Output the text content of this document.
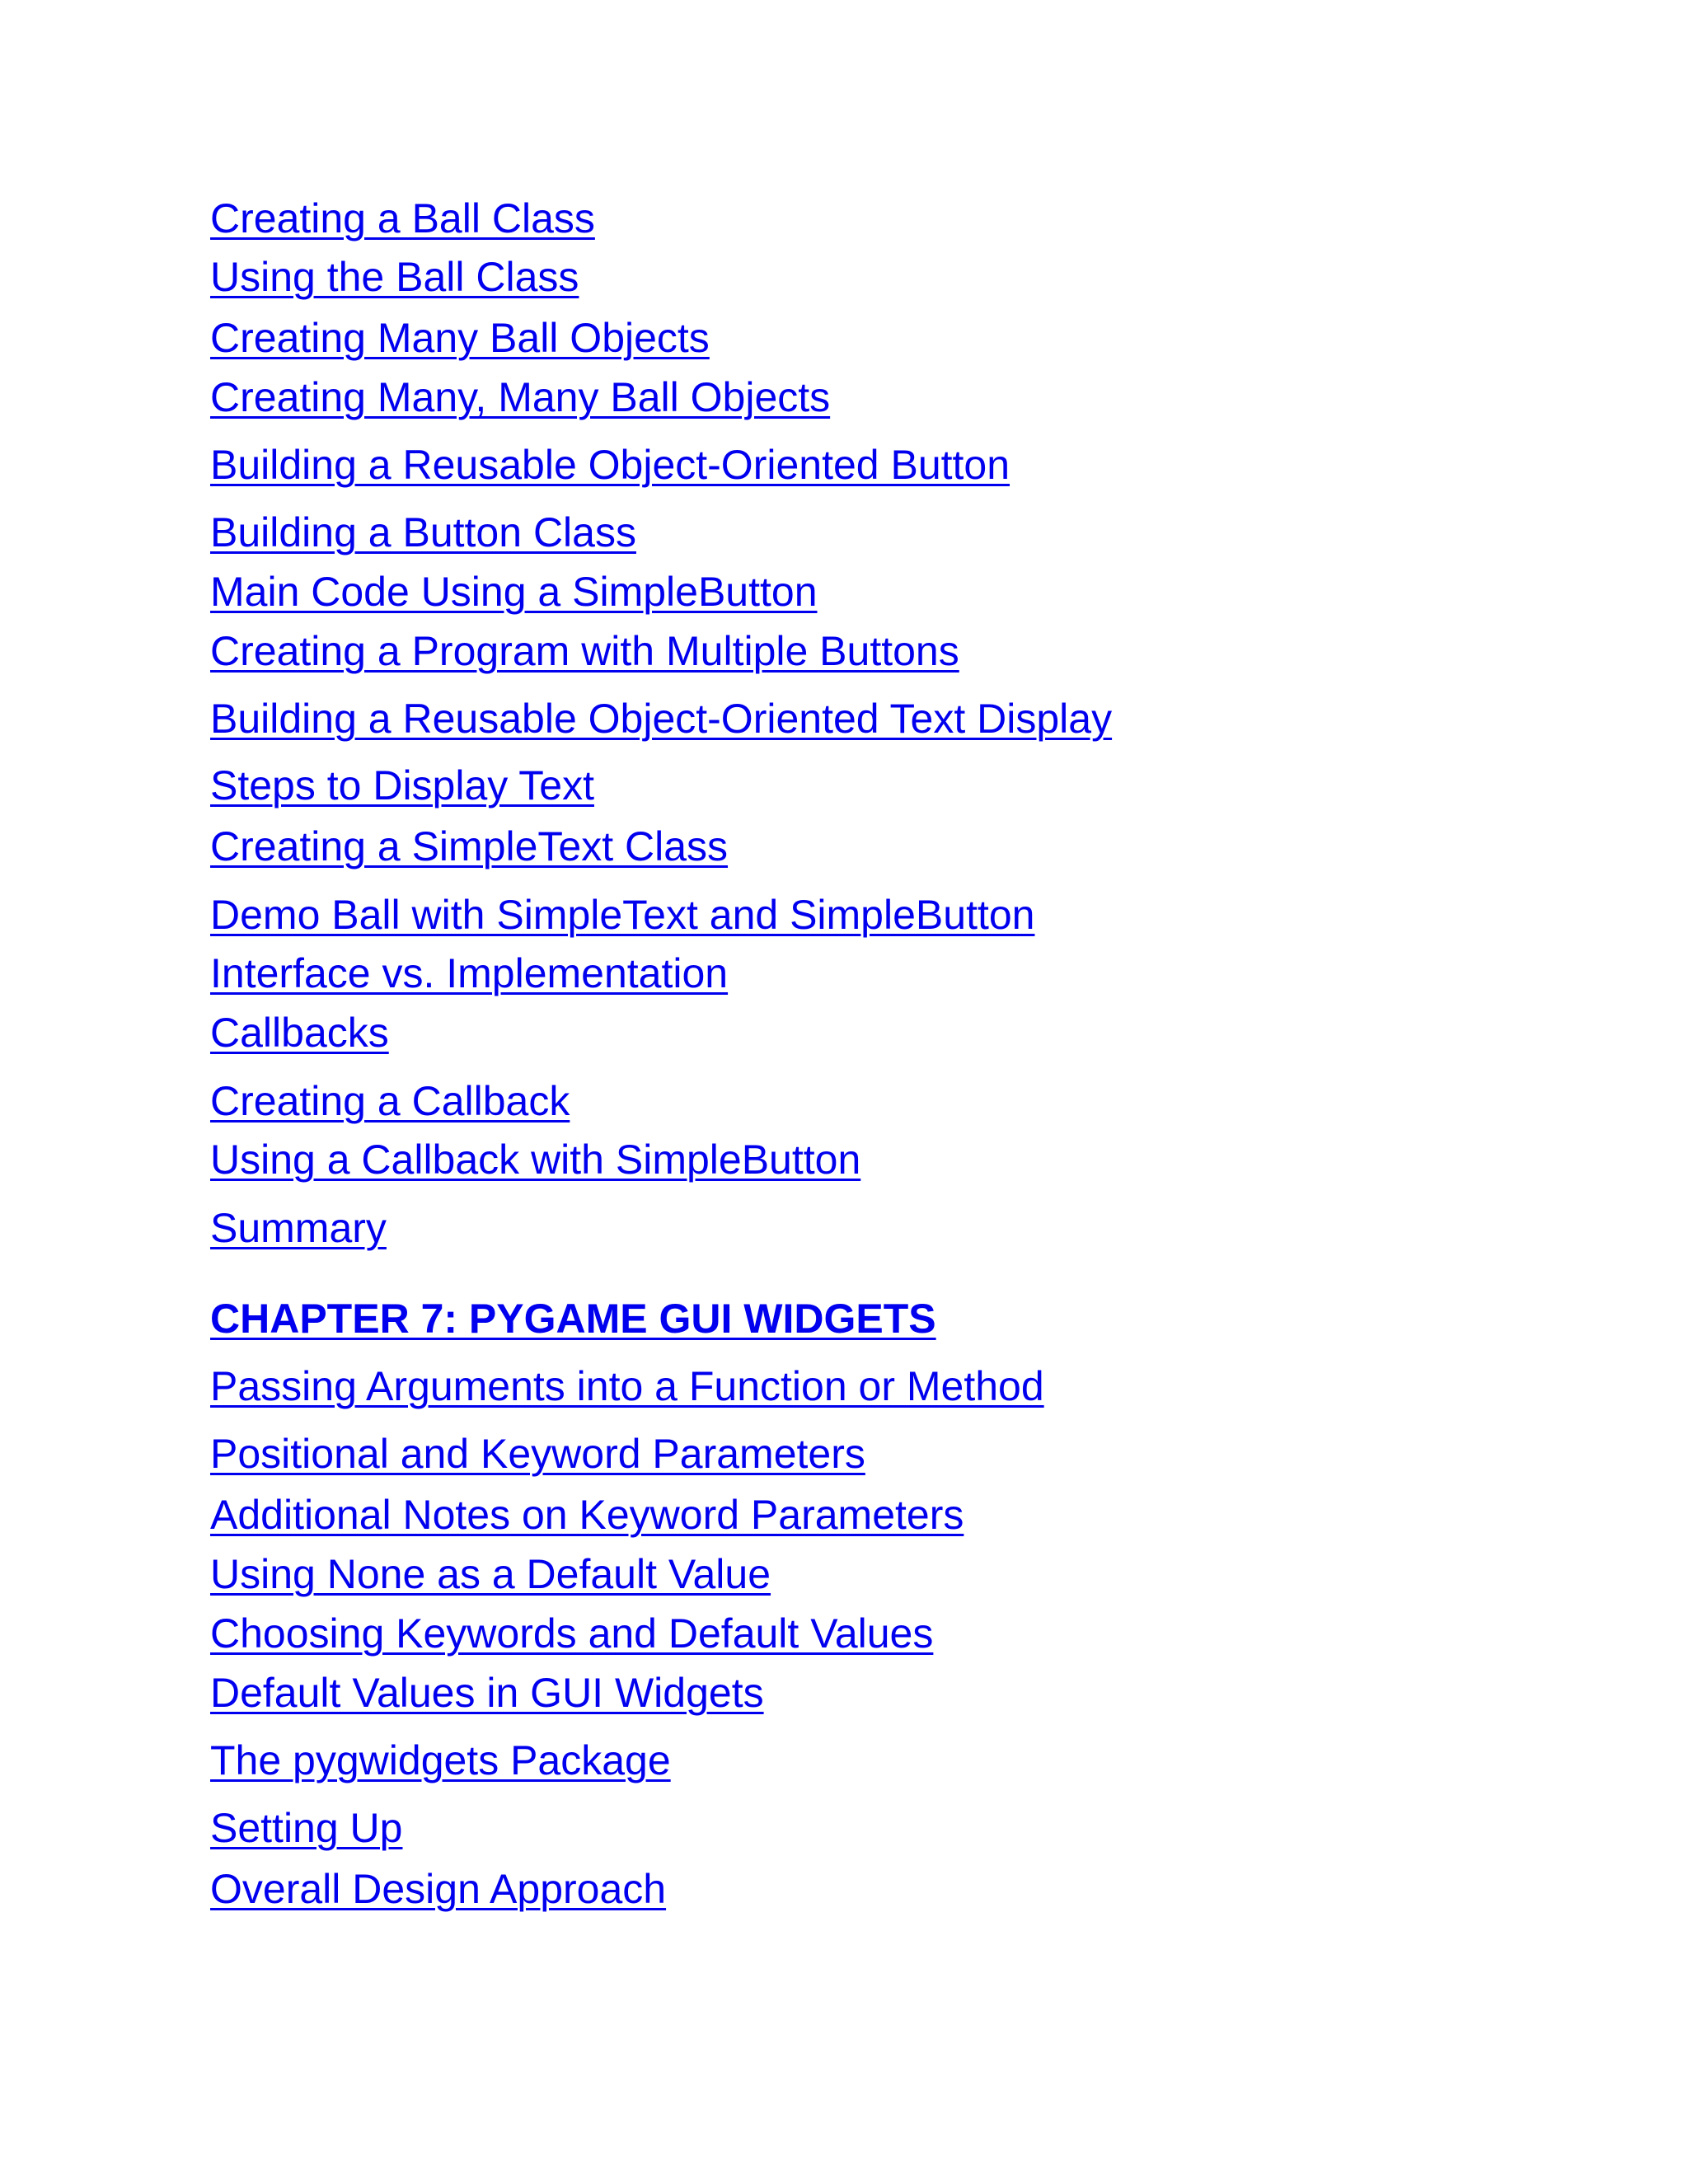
Creating a Ball Class
Using the Ball Class
Creating Many Ball Objects
Creating Many, Many Ball Objects
Building a Reusable Object-Oriented Button
Building a Button Class
Main Code Using a SimpleButton
Creating a Program with Multiple Buttons
Building a Reusable Object-Oriented Text Display
Steps to Display Text
Creating a SimpleText Class
Demo Ball with SimpleText and SimpleButton
Interface vs. Implementation
Callbacks
Creating a Callback
Using a Callback with SimpleButton
Summary
CHAPTER 7: PYGAME GUI WIDGETS
Passing Arguments into a Function or Method
Positional and Keyword Parameters
Additional Notes on Keyword Parameters
Using None as a Default Value
Choosing Keywords and Default Values
Default Values in GUI Widgets
The pygwidgets Package
Setting Up
Overall Design Approach
